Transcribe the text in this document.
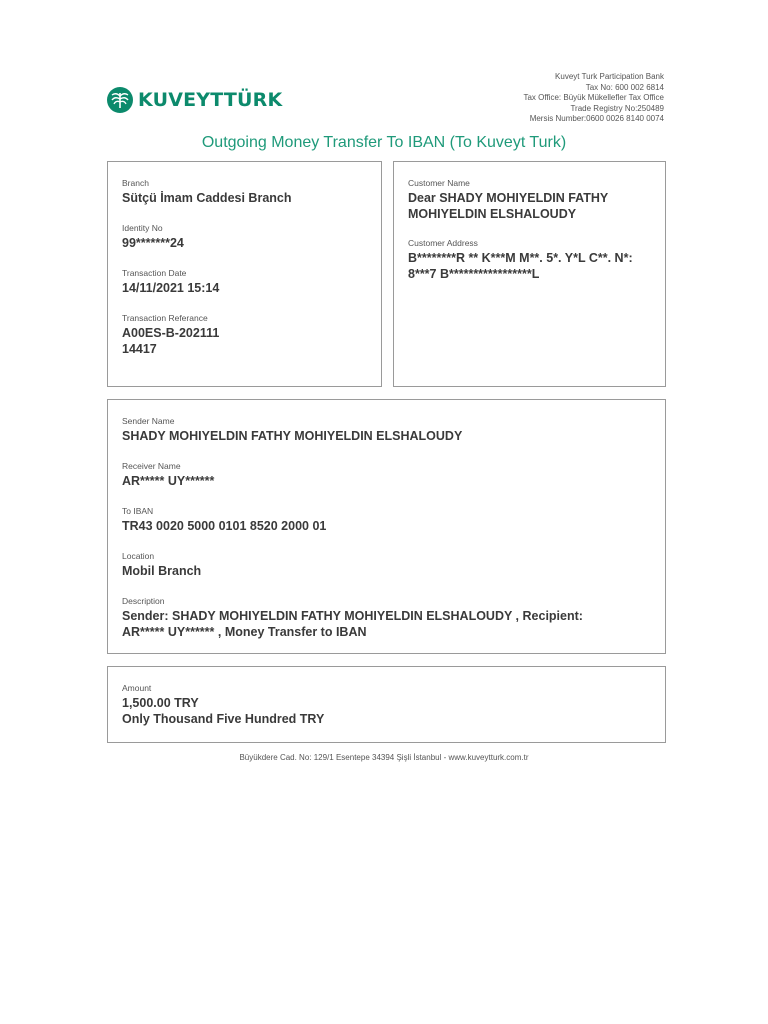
KUVEYTTÜRK
Kuveyt Turk Participation Bank
Tax No: 600 002 6814
Tax Office: Büyük Mükellefler Tax Office
Trade Registry No:250489
Mersis Number:0600 0026 8140 0074
Outgoing Money Transfer To IBAN (To Kuveyt Turk)
Branch
Sütçü İmam Caddesi Branch
Identity No
99*******24
Transaction Date
14/11/2021 15:14
Transaction Referance
A00ES-B-202111
14417
Customer Name
Dear SHADY MOHIYELDIN FATHY
MOHIYELDIN ELSHALOUDY
Customer Address
B********R ** K***M M**. 5*. Y*L C**. N*:
8***7 B*****************L
Sender Name
SHADY MOHIYELDIN FATHY MOHIYELDIN ELSHALOUDY
Receiver Name
AR***** UY******
To IBAN
TR43 0020 5000 0101 8520 2000 01
Location
Mobil Branch
Description
Sender: SHADY MOHIYELDIN FATHY MOHIYELDIN ELSHALOUDY , Recipient:
AR***** UY****** , Money Transfer to IBAN
Amount
1,500.00 TRY
Only Thousand Five Hundred TRY
Büyükdere Cad. No: 129/1 Esentepe 34394 Şişli İstanbul - www.kuveytturk.com.tr
